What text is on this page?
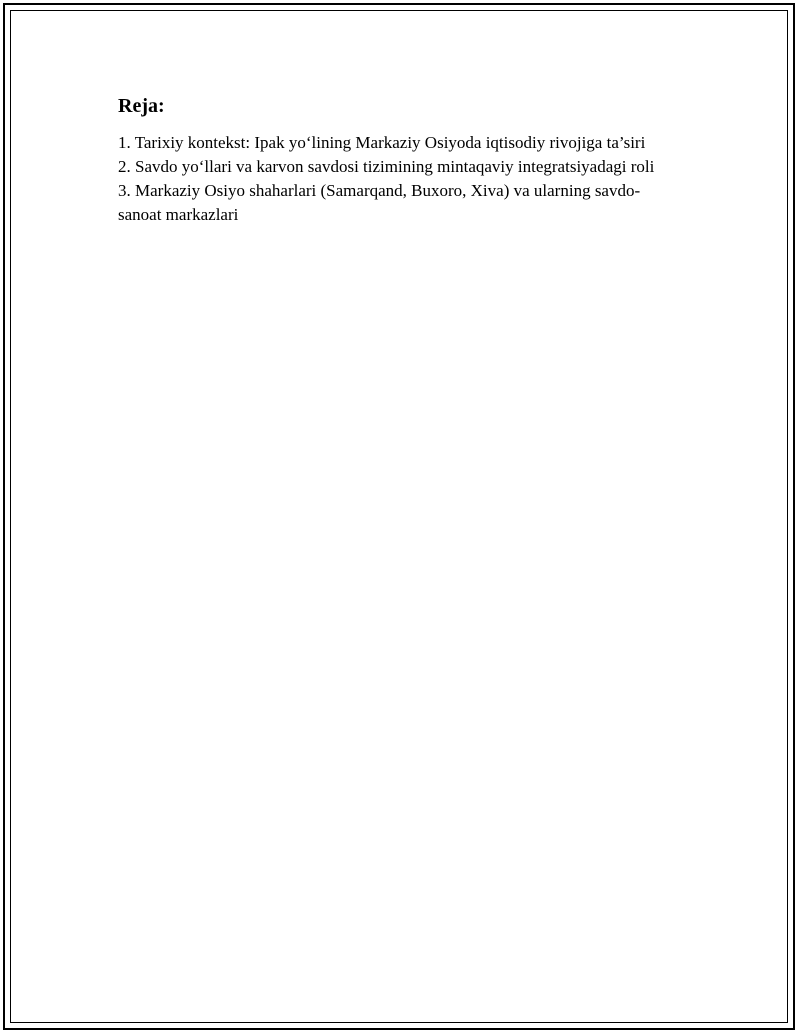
Reja:
1. Tarixiy kontekst: Ipak yo‘lining Markaziy Osiyoda iqtisodiy rivojiga ta’siri
2. Savdo yo‘llari va karvon savdosi tizimining mintaqaviy integratsiyadagi roli
3. Markaziy Osiyo shaharlari (Samarqand, Buxoro, Xiva) va ularning savdo-sanoat markazlari
